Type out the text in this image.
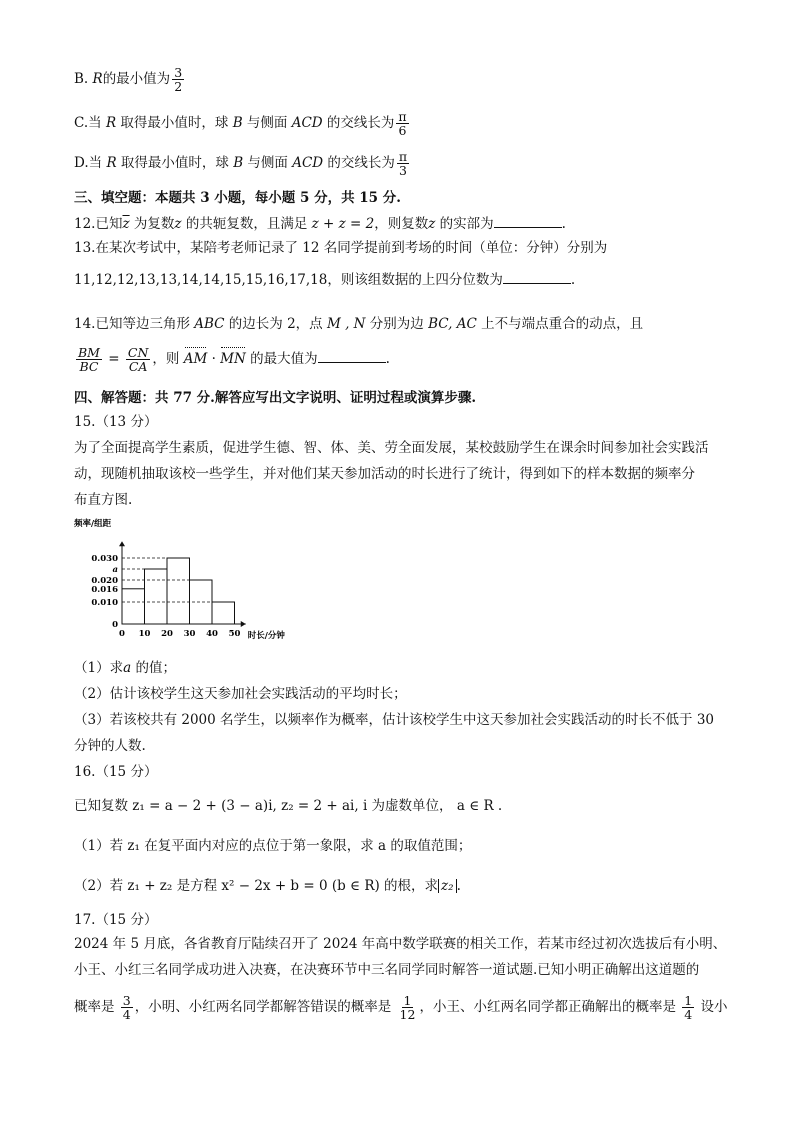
B. R的最小值为 $\frac{3}{2}$
C.当 R 取得最小值时，球 B 与侧面 ACD 的交线长为 $\frac{\pi}{6}$
D.当 R 取得最小值时，球 B 与侧面 ACD 的交线长为 $\frac{\pi}{3}$
三、填空题：本题共 3 小题，每小题 5 分，共 15 分.
12.已知$\overline{z}$ 为复数z 的共轭复数，且满足 z + z = 2，则复数z 的实部为	.
13.在某次考试中，某陪考老师记录了 12 名同学提前到考场的时间（单位：分钟）分别为
11,12,12,13,13,14,14,15,15,16,17,18，则该组数据的上四分位数为	.
14.已知等边三角形 ABC 的边长为 2，点 M , N 分别为边 BC, AC 上不与端点重合的动点，且
$\frac{BM}{BC} = \frac{CN}{CA}$ ，则 AM · MN 的最大值为	.
四、解答题：共 77 分.解答应写出文字说明、证明过程或演算步骤.
15.（13 分）
为了全面提高学生素质，促进学生德、智、体、美、劳全面发展，某校鼓励学生在课余时间参加社会实践活
动，现随机抽取该校一些学生，并对他们某天参加活动的时长进行了统计，得到如下的样本数据的频率分
布直方图.
0.030
a
0.020
0.016
0.010
0
0 10 20 30 40 50
频率/组距
时长/分钟
（1）求a 的值；
（2）估计该校学生这天参加社会实践活动的平均时长；
（3）若该校共有 2000 名学生，以频率作为概率，估计该校学生中这天参加社会实践活动的时长不低于 30
分钟的人数.
16.（15 分）
已知复数 z₁ = a − 2 + (3 − a)i, z₂ = 2 + ai, i 为虚数单位， a ∈ R .
（1）若 z₁ 在复平面内对应的点位于第一象限，求 a 的取值范围；
（2）若 z₁ + z₂ 是方程 x² − 2x + b = 0 (b ∈ R) 的根，求 z₂ .
17.（15 分）
2024 年 5 月底，各省教育厅陆续召开了 2024 年高中数学联赛的相关工作，若某市经过初次选拔后有小明、
小王、小红三名同学成功进入决赛，在决赛环节中三名同学同时解答一道试题.已知小明正确解出这道题的
概率是 $\frac{3}{4}$ ，小明、小红两名同学都解答错误的概率是 $\frac{1}{12}$ ，小王、小红两名同学都正确解出的概率是 $\frac{1}{4}$ 设小
